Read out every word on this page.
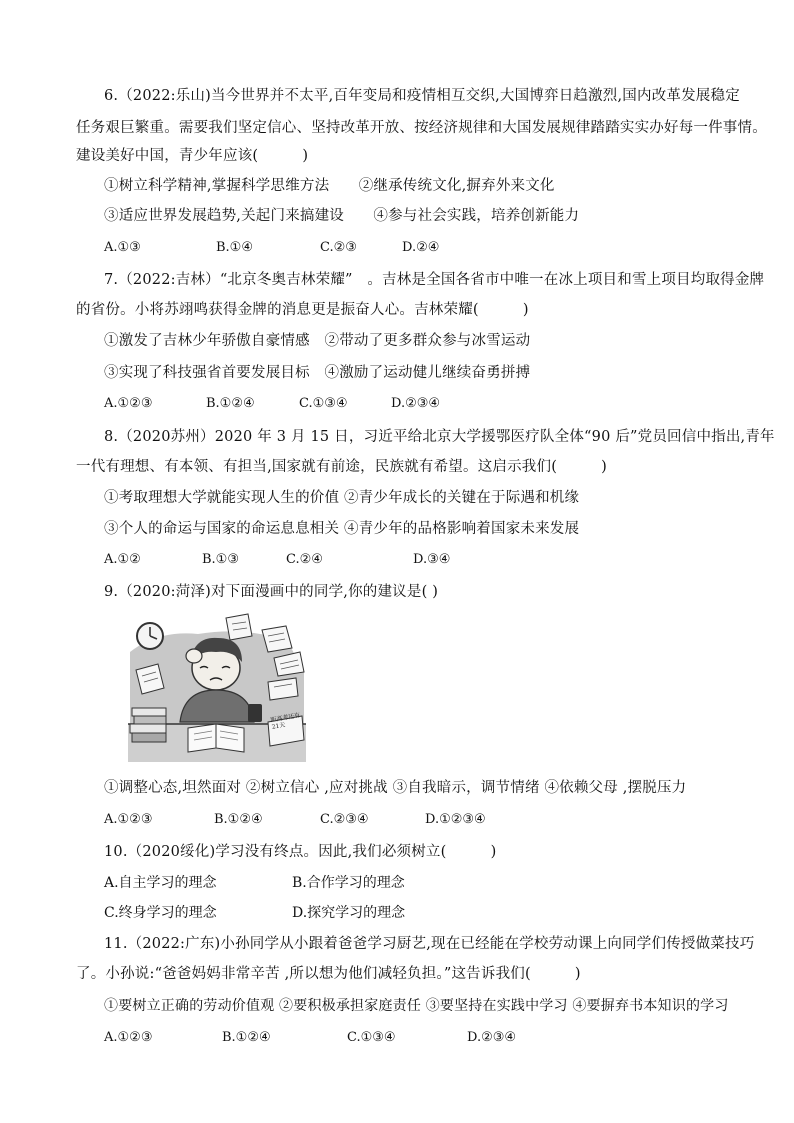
6.（2022:乐山)当今世界并不太平,百年变局和疫情相互交织,大国博弈日趋激烈,国内改革发展稳定
任务艰巨繁重。需要我们坚定信心、坚持改革开放、按经济规律和大国发展规律踏踏实实办好每一件事情。
建设美好中国，青少年应该(　　　)
①树立科学精神,掌握科学思维方法　　②继承传统文化,摒弃外来文化
③适应世界发展趋势,关起门来搞建设　　④参与社会实践，培养创新能力
A.①③	B.①④	C.②③	D.②④
7.（2022:吉林）“北京冬奥吉林荣耀”　。吉林是全国各省市中唯一在冰上项目和雪上项目均取得金牌
的省份。小将苏翊鸣获得金牌的消息更是振奋人心。吉林荣耀(　　　)
①激发了吉林少年骄傲自豪情感　②带动了更多群众参与冰雪运动
③实现了科技强省首要发展目标　④激励了运动健儿继续奋勇拼搏
A.①②③	B.①②④	C.①③④	D.②③④
8.（2020苏州）2020 年 3 月 15 日，习近平给北京大学援鄂医疗队全体“90 后”党员回信中指出,青年
一代有理想、有本领、有担当,国家就有前途，民族就有希望。这启示我们(　　　)
①考取理想大学就能实现人生的价值 ②青少年成长的关键在于际遇和机缘
③个人的命运与国家的命运息息相关 ④青少年的品格影响着国家未来发展
A.①②	B.①③	C.②④	D.③④
9.（2020:菏泽)对下面漫画中的同学,你的建议是( )
距高考还有21天
①调整心态,坦然面对 ②树立信心 ,应对挑战 ③自我暗示，调节情绪 ④依赖父母 ,摆脱压力
A.①②③	B.①②④	C.②③④	D.①②③④
10.（2020绥化)学习没有终点。因此,我们必须树立(　　　)
A.自主学习的理念	B.合作学习的理念
C.终身学习的理念	D.探究学习的理念
11.（2022:广东)小孙同学从小跟着爸爸学习厨艺,现在已经能在学校劳动课上向同学们传授做菜技巧
了。小孙说:“爸爸妈妈非常辛苦 ,所以想为他们减轻负担。”这告诉我们(　　　)
①要树立正确的劳动价值观 ②要积极承担家庭责任 ③要坚持在实践中学习 ④要摒弃书本知识的学习
A.①②③	B.①②④	C.①③④	D.②③④
